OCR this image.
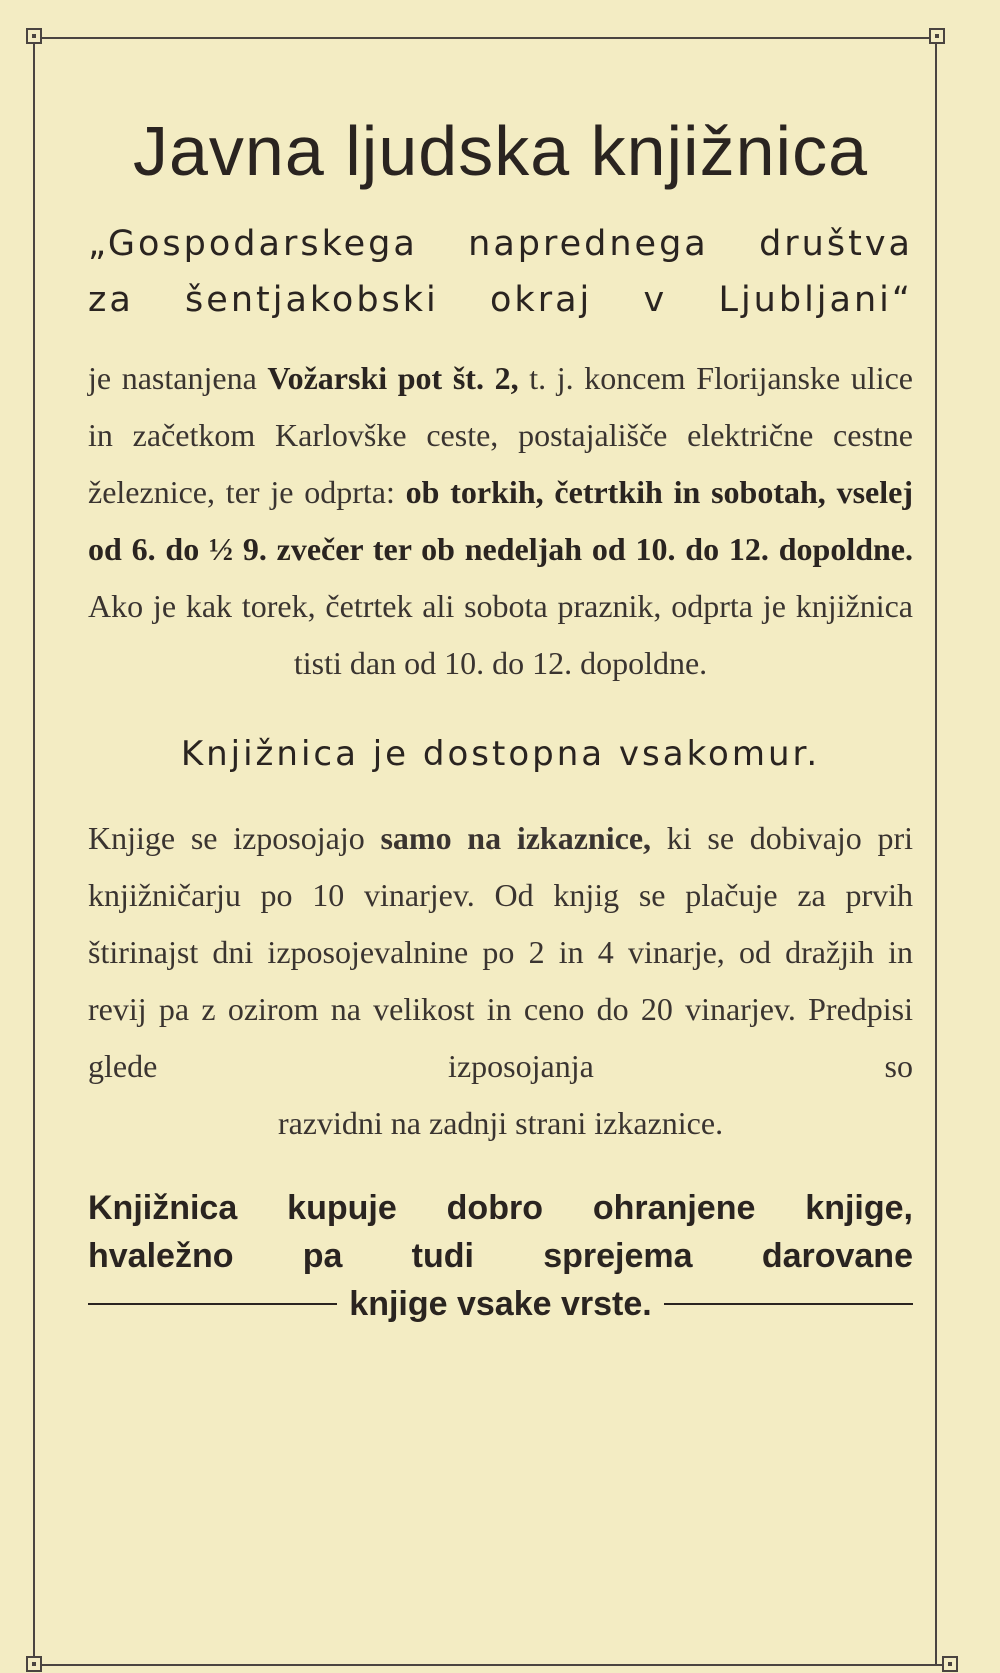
Javna ljudska knjižnica
„Gospodarskega naprednega društva
za šentjakobski okraj v Ljubljani“
je nastanjena Vožarski pot št. 2, t. j. koncem Florijanske ulice in začetkom Karlovške ceste, postajališče električne cestne železnice, ter je odprta: ob torkih, četrtkih in sobotah, vselej od 6. do ½ 9. zvečer ter ob nedeljah od 10. do 12. dopoldne. Ako je kak torek, četrtek ali sobota praznik, odprta je knjižnica
tisti dan od 10. do 12. dopoldne.
Knjižnica je dostopna vsakomur.
Knjige se izposojajo samo na izkaznice, ki se dobivajo pri knjižničarju po 10 vinarjev. Od knjig se plačuje za prvih štirinajst dni izposojevalnine po 2 in 4 vinarje, od dražjih in revij pa z ozirom na velikost in ceno do 20 vinarjev. Predpisi glede izposojanja so
razvidni na zadnji strani izkaznice.
Knjižnica kupuje dobro ohranjene knjige,
hvaležno pa tudi sprejema darovane
knjige vsake vrste.
